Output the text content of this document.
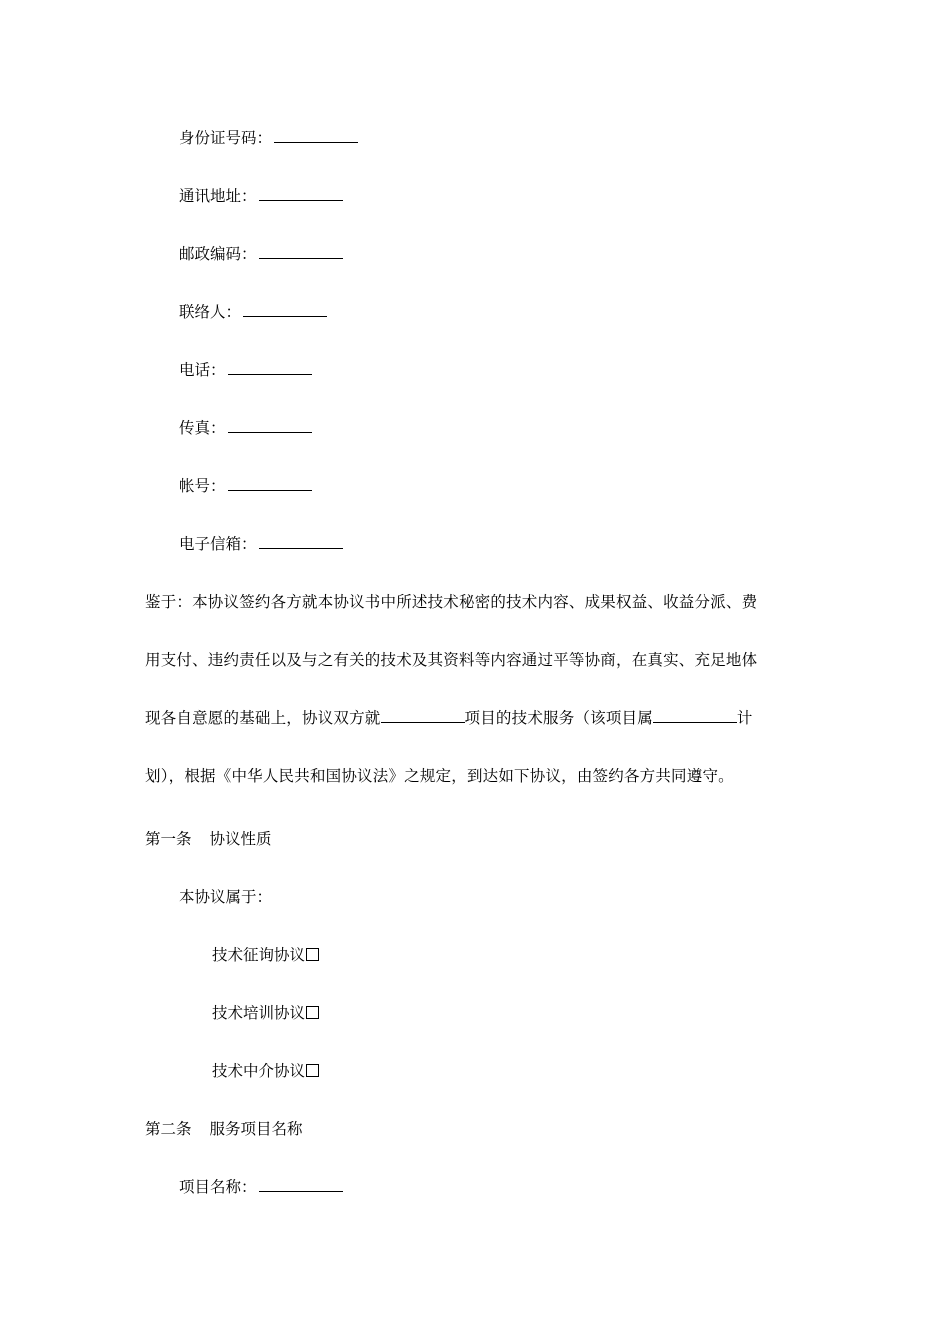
身份证号码：
通讯地址：
邮政编码：
联络人：
电话：
传真：
帐号：
电子信箱：
鉴于：本协议签约各方就本协议书中所述技术秘密的技术内容、成果权益、收益分派、费
用支付、违约责任以及与之有关的技术及其资料等内容通过平等协商，在真实、充足地体
现各自意愿的基础上，协议双方就	项目的技术服务（该项目属	计
划），根据《中华人民共和国协议法》之规定，到达如下协议，由签约各方共同遵守。
第一条 协议性质
本协议属于：
技术征询协议
技术培训协议
技术中介协议
第二条 服务项目名称
项目名称：
